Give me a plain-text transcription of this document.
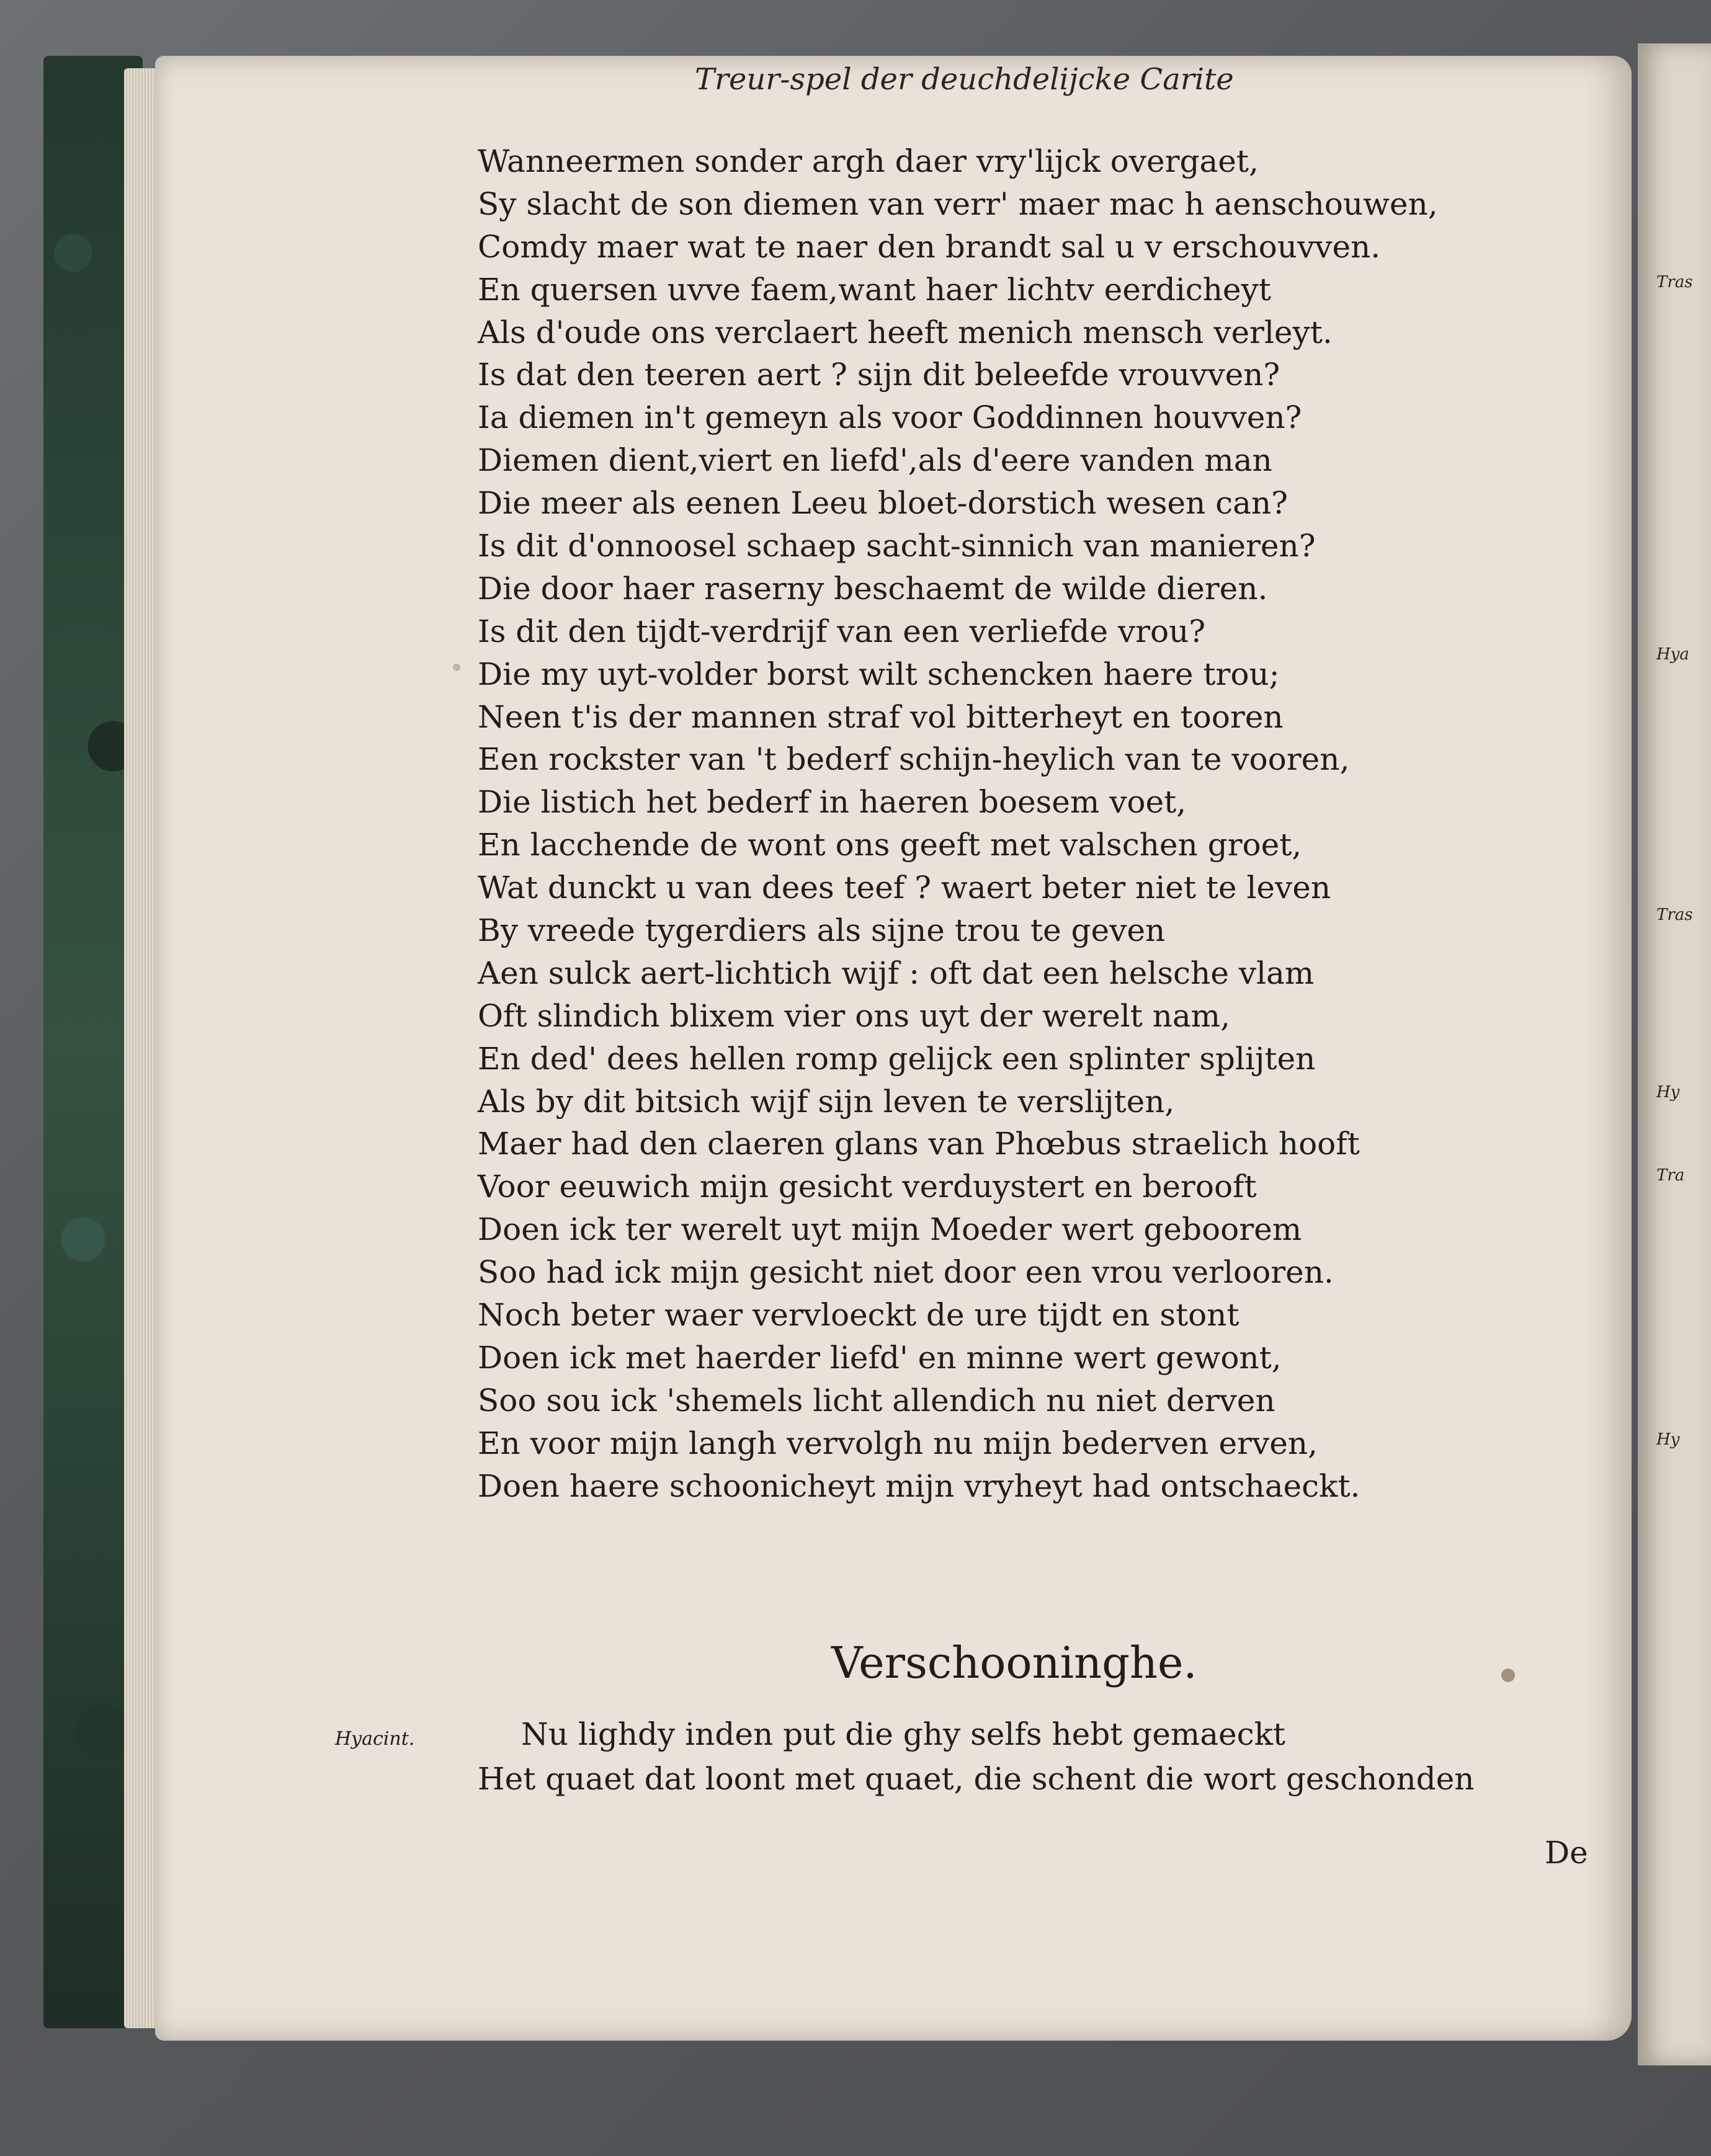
Tras
Hya
Tras
Hy
Tra
Hy
Treur-spel der deuchdelijcke Carite
Wanneermen sonder argh daer vry'lijck overgaet,
Sy slacht de son diemen van verr' maer mac h aenschouwen,
Comdy maer wat te naer den brandt sal u v erschouvven.
En quersen uvve faem,want haer lichtv eerdicheyt
Als d'oude ons verclaert heeft menich mensch verleyt.
Is dat den teeren aert ? sijn dit beleefde vrouvven?
Ia diemen in't gemeyn als voor Goddinnen houvven?
Diemen dient,viert en liefd',als d'eere vanden man
Die meer als eenen Leeu bloet-dorstich wesen can?
Is dit d'onnoosel schaep sacht-sinnich van manieren?
Die door haer raserny beschaemt de wilde dieren.
Is dit den tijdt-verdrijf van een verliefde vrou?
Die my uyt-volder borst wilt schencken haere trou;
Neen t'is der mannen straf vol bitterheyt en tooren
Een rockster van 't bederf schijn-heylich van te vooren,
Die listich het bederf in haeren boesem voet,
En lacchende de wont ons geeft met valschen groet,
Wat dunckt u van dees teef ? waert beter niet te leven
By vreede tygerdiers als sijne trou te geven
Aen sulck aert-lichtich wijf : oft dat een helsche vlam
Oft slindich blixem vier ons uyt der werelt nam,
En ded' dees hellen romp gelijck een splinter splijten
Als by dit bitsich wijf sijn leven te verslijten,
Maer had den claeren glans van Phœbus straelich hooft
Voor eeuwich mijn gesicht verduystert en berooft
Doen ick ter werelt uyt mijn Moeder wert geboorem
Soo had ick mijn gesicht niet door een vrou verlooren.
Noch beter waer vervloeckt de ure tijdt en stont
Doen ick met haerder liefd' en minne wert gewont,
Soo sou ick 'shemels licht allendich nu niet derven
En voor mijn langh vervolgh nu mijn bederven erven,
Doen haere schoonicheyt mijn vryheyt had ontschaeckt.
Verschooninghe.
Hyacint.	Nu lighdy inden put die ghy selfs hebt gemaeckt
Het quaet dat loont met quaet, die schent die wort geschonden
De
